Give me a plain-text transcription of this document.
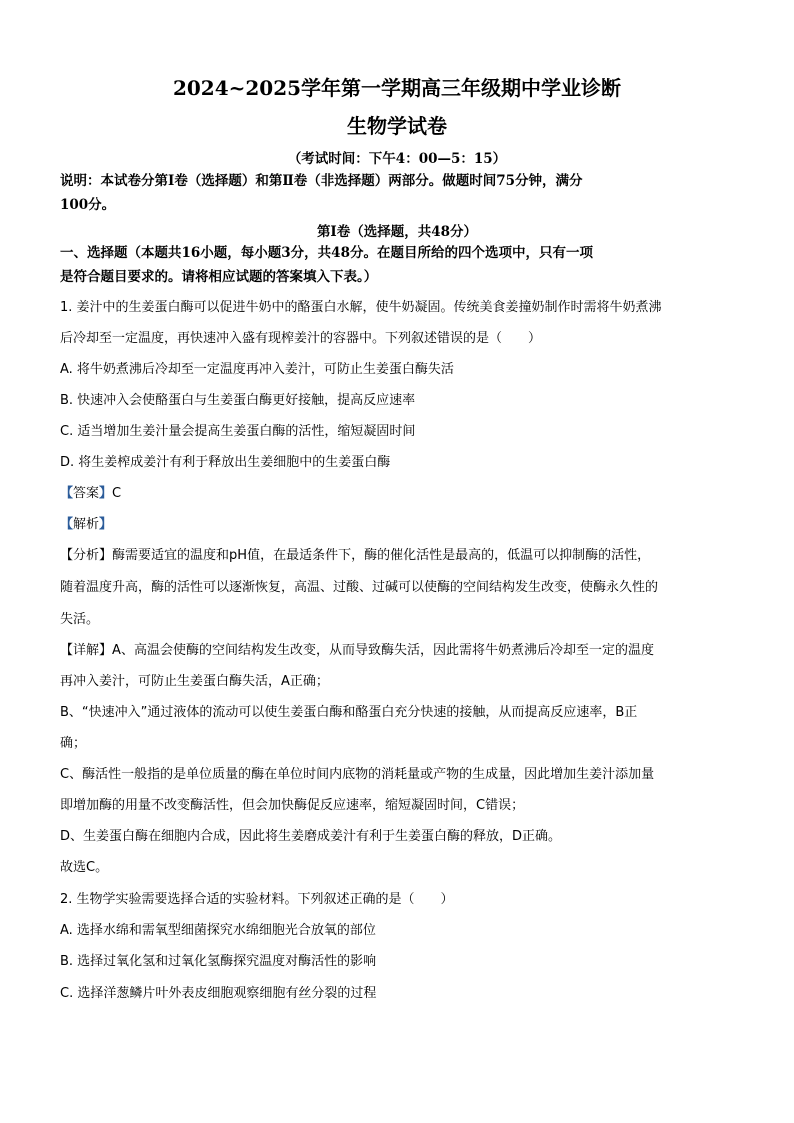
2024~2025学年第一学期高三年级期中学业诊断
生物学试卷
（考试时间：下午4：00—5：15）
说明：本试卷分第Ⅰ卷（选择题）和第Ⅱ卷（非选择题）两部分。做题时间75分钟，满分
100分。
第Ⅰ卷（选择题，共48分）
一、选择题（本题共16小题，每小题3分，共48分。在题目所给的四个选项中，只有一项
是符合题目要求的。请将相应试题的答案填入下表。）
1. 姜汁中的生姜蛋白酶可以促进牛奶中的酪蛋白水解，使牛奶凝固。传统美食姜撞奶制作时需将牛奶煮沸
后冷却至一定温度，再快速冲入盛有现榨姜汁的容器中。下列叙述错误的是（　　）
A. 将牛奶煮沸后冷却至一定温度再冲入姜汁，可防止生姜蛋白酶失活
B. 快速冲入会使酪蛋白与生姜蛋白酶更好接触，提高反应速率
C. 适当增加生姜汁量会提高生姜蛋白酶的活性，缩短凝固时间
D. 将生姜榨成姜汁有利于释放出生姜细胞中的生姜蛋白酶
【答案】C
【解析】
【分析】酶需要适宜的温度和pH值，在最适条件下，酶的催化活性是最高的，低温可以抑制酶的活性，
随着温度升高，酶的活性可以逐渐恢复，高温、过酸、过碱可以使酶的空间结构发生改变，使酶永久性的
失活。
【详解】A、高温会使酶的空间结构发生改变，从而导致酶失活，因此需将牛奶煮沸后冷却至一定的温度
再冲入姜汁，可防止生姜蛋白酶失活，A正确；
B、“快速冲入”通过液体的流动可以使生姜蛋白酶和酪蛋白充分快速的接触，从而提高反应速率，B正
确；
C、酶活性一般指的是单位质量的酶在单位时间内底物的消耗量或产物的生成量，因此增加生姜汁添加量
即增加酶的用量不改变酶活性，但会加快酶促反应速率，缩短凝固时间，C错误；
D、生姜蛋白酶在细胞内合成，因此将生姜磨成姜汁有利于生姜蛋白酶的释放，D正确。
故选C。
2. 生物学实验需要选择合适的实验材料。下列叙述正确的是（　　）
A. 选择水绵和需氧型细菌探究水绵细胞光合放氧的部位
B. 选择过氧化氢和过氧化氢酶探究温度对酶活性的影响
C. 选择洋葱鳞片叶外表皮细胞观察细胞有丝分裂的过程
